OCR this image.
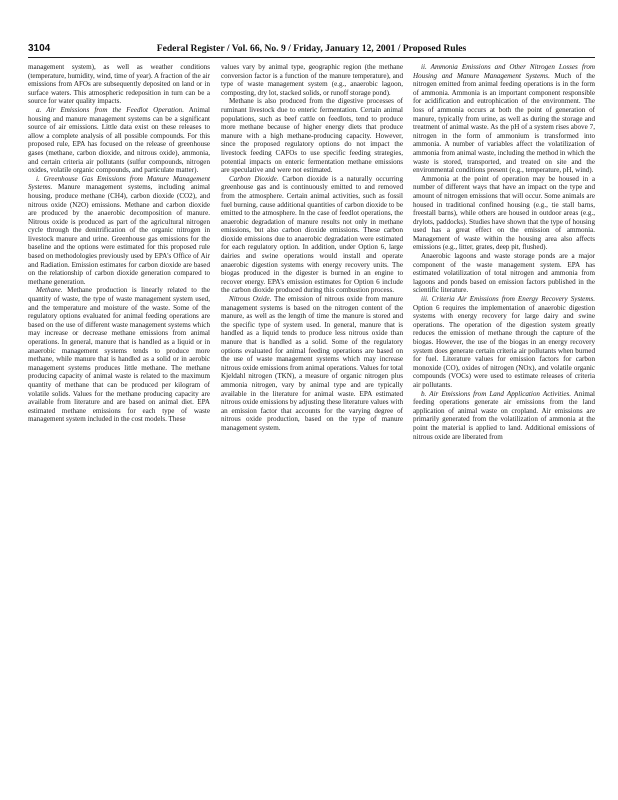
3104	Federal Register / Vol. 66, No. 9 / Friday, January 12, 2001 / Proposed Rules

management system), as well as weather conditions (temperature, humidity, wind, time of year). A fraction of the air emissions from AFOs are subsequently deposited on land or in surface waters. This atmospheric redeposition in turn can be a source for water quality impacts.

a. Air Emissions from the Feedlot Operation. Animal housing and manure management systems can be a significant source of air emissions. Little data exist on these releases to allow a complete analysis of all possible compounds. For this proposed rule, EPA has focused on the release of greenhouse gases (methane, carbon dioxide, and nitrous oxide), ammonia, and certain criteria air pollutants (sulfur compounds, nitrogen oxides, volatile organic compounds, and particulate matter).

i. Greenhouse Gas Emissions from Manure Management Systems. Manure management systems, including animal housing, produce methane (CH4), carbon dioxide (CO2), and nitrous oxide (N2O) emissions. Methane and carbon dioxide are produced by the anaerobic decomposition of manure. Nitrous oxide is produced as part of the agricultural nitrogen cycle through the denitrification of the organic nitrogen in livestock manure and urine. Greenhouse gas emissions for the baseline and the options were estimated for this proposed rule based on methodologies previously used by EPA's Office of Air and Radiation. Emission estimates for carbon dioxide are based on the relationship of carbon dioxide generation compared to methane generation.

Methane. Methane production is linearly related to the quantity of waste, the type of waste management system used, and the temperature and moisture of the waste. Some of the regulatory options evaluated for animal feeding operations are based on the use of different waste management systems which may increase or decrease methane emissions from animal operations. In general, manure that is handled as a liquid or in anaerobic management systems tends to produce more methane, while manure that is handled as a solid or in aerobic management systems produces little methane. The methane producing capacity of animal waste is related to the maximum quantity of methane that can be produced per kilogram of volatile solids. Values for the methane producing capacity are available from literature and are based on animal diet. EPA estimated methane emissions for each type of waste management system included in the cost models. These

values vary by animal type, geographic region (the methane conversion factor is a function of the manure temperature), and type of waste management system (e.g., anaerobic lagoon, composting, dry lot, stacked solids, or runoff storage pond).

Methane is also produced from the digestive processes of ruminant livestock due to enteric fermentation. Certain animal populations, such as beef cattle on feedlots, tend to produce more methane because of higher energy diets that produce manure with a high methane-producing capacity. However, since the proposed regulatory options do not impact the livestock feeding CAFOs to use specific feeding strategies, potential impacts on enteric fermentation methane emissions are speculative and were not estimated.

Carbon Dioxide. Carbon dioxide is a naturally occurring greenhouse gas and is continuously emitted to and removed from the atmosphere. Certain animal activities, such as fossil fuel burning, cause additional quantities of carbon dioxide to be emitted to the atmosphere. In the case of feedlot operations, the anaerobic degradation of manure results not only in methane emissions, but also carbon dioxide emissions. These carbon dioxide emissions due to anaerobic degradation were estimated for each regulatory option. In addition, under Option 6, large dairies and swine operations would install and operate anaerobic digestion systems with energy recovery units. The biogas produced in the digester is burned in an engine to recover energy. EPA's emission estimates for Option 6 include the carbon dioxide produced during this combustion process.

Nitrous Oxide. The emission of nitrous oxide from manure management systems is based on the nitrogen content of the manure, as well as the length of time the manure is stored and the specific type of system used. In general, manure that is handled as a liquid tends to produce less nitrous oxide than manure that is handled as a solid. Some of the regulatory options evaluated for animal feeding operations are based on the use of waste management systems which may increase nitrous oxide emissions from animal operations. Values for total Kjeldahl nitrogen (TKN), a measure of organic nitrogen plus ammonia nitrogen, vary by animal type and are typically available in the literature for animal waste. EPA estimated nitrous oxide emissions by adjusting these literature values with an emission factor that accounts for the varying degree of nitrous oxide production, based on the type of manure management system.

ii. Ammonia Emissions and Other Nitrogen Losses from Housing and Manure Management Systems. Much of the nitrogen emitted from animal feeding operations is in the form of ammonia. Ammonia is an important component responsible for acidification and eutrophication of the environment. The loss of ammonia occurs at both the point of generation of manure, typically from urine, as well as during the storage and treatment of animal waste. As the pH of a system rises above 7, nitrogen in the form of ammonium is transformed into ammonia. A number of variables affect the volatilization of ammonia from animal waste, including the method in which the waste is stored, transported, and treated on site and the environmental conditions present (e.g., temperature, pH, wind).

Ammonia at the point of operation may be housed in a number of different ways that have an impact on the type and amount of nitrogen emissions that will occur. Some animals are housed in traditional confined housing (e.g., tie stall barns, freestall barns), while others are housed in outdoor areas (e.g., drylots, paddocks). Studies have shown that the type of housing used has a great effect on the emission of ammonia. Management of waste within the housing area also affects emissions (e.g., litter, grates, deep pit, flushed).

Anaerobic lagoons and waste storage ponds are a major component of the waste management system. EPA has estimated volatilization of total nitrogen and ammonia from lagoons and ponds based on emission factors published in the scientific literature.

iii. Criteria Air Emissions from Energy Recovery Systems. Option 6 requires the implementation of anaerobic digestion systems with energy recovery for large dairy and swine operations. The operation of the digestion system greatly reduces the emission of methane through the capture of the biogas. However, the use of the biogas in an energy recovery system does generate certain criteria air pollutants when burned for fuel. Literature values for emission factors for carbon monoxide (CO), oxides of nitrogen (NOx), and volatile organic compounds (VOCs) were used to estimate releases of criteria air pollutants.

b. Air Emissions from Land Application Activities. Animal feeding operations generate air emissions from the land application of animal waste on cropland. Air emissions are primarily generated from the volatilization of ammonia at the point the material is applied to land. Additional emissions of nitrous oxide are liberated from
